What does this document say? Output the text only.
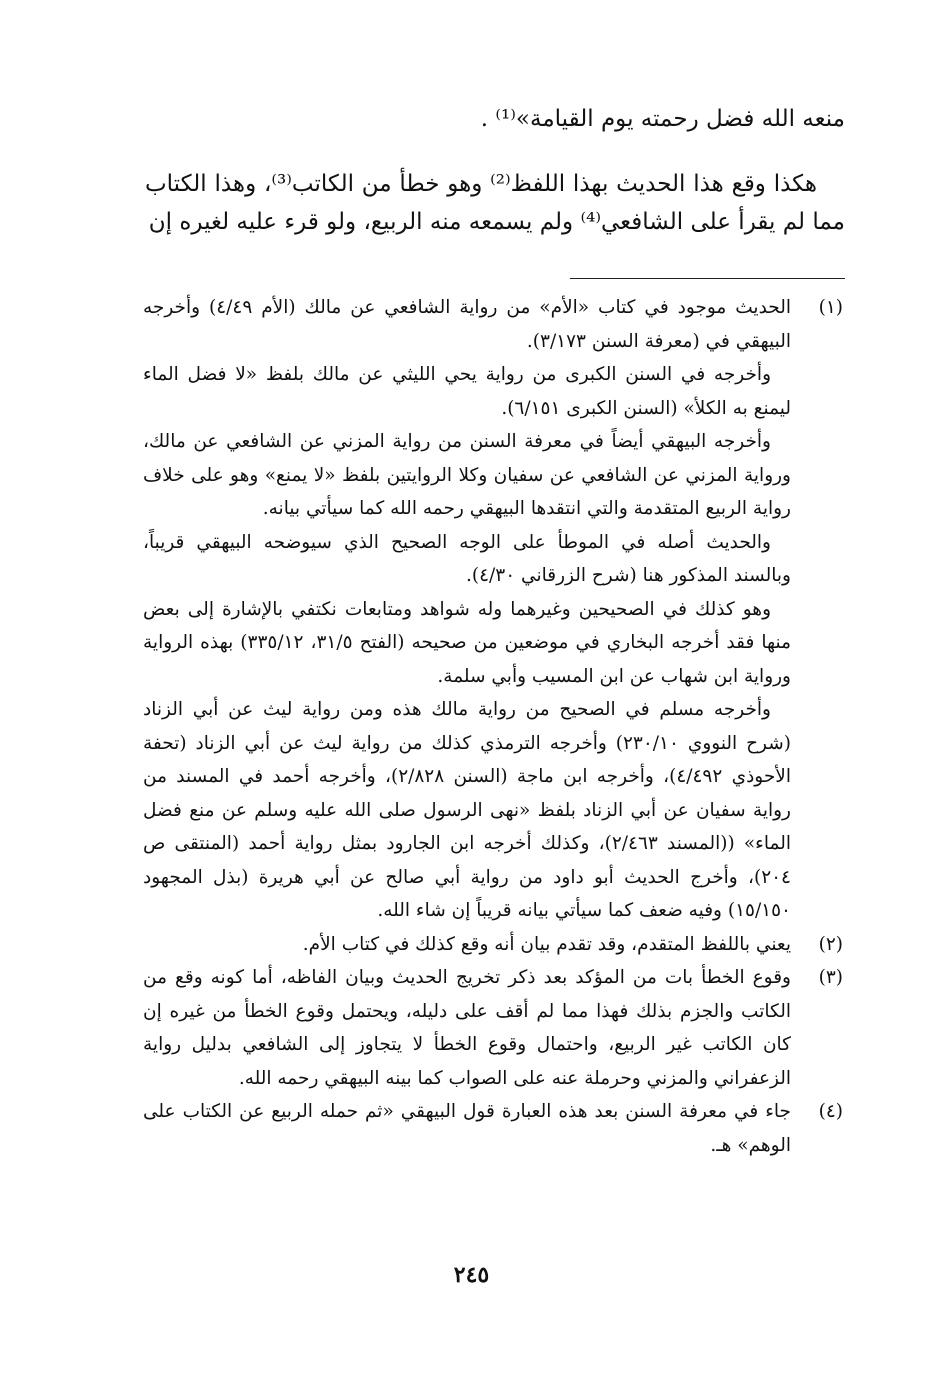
منعه الله فضل رحمته يوم القيامة»⁽¹⁾ .

هكذا وقع هذا الحديث بهذا اللفظ⁽²⁾ وهو خطأ من الكاتب⁽³⁾، وهذا الكتاب مما لم يقرأ على الشافعي⁽⁴⁾ ولم يسمعه منه الربيع، ولو قرء عليه لغيره إن

(١)

الحديث موجود في كتاب «الأم» من رواية الشافعي عن مالك (الأم ٤/٤٩) وأخرجه البيهقي في (معرفة السنن ٣/١٧٣).

وأخرجه في السنن الكبرى من رواية يحي الليثي عن مالك بلفظ «لا فضل الماء ليمنع به الكلأ» (السنن الكبرى ٦/١٥١).

وأخرجه البيهقي أيضاً في معرفة السنن من رواية المزني عن الشافعي عن مالك، ورواية المزني عن الشافعي عن سفيان وكلا الروايتين بلفظ «لا يمنع» وهو على خلاف رواية الربيع المتقدمة والتي انتقدها البيهقي رحمه الله كما سيأتي بيانه.

والحديث أصله في الموطأ على الوجه الصحيح الذي سيوضحه البيهقي قريباً، وبالسند المذكور هنا (شرح الزرقاني ٤/٣٠).

وهو كذلك في الصحيحين وغيرهما وله شواهد ومتابعات نكتفي بالإشارة إلى بعض منها فقد أخرجه البخاري في موضعين من صحيحه (الفتح ٣١/٥، ٣٣٥/١٢) بهذه الرواية ورواية ابن شهاب عن ابن المسيب وأبي سلمة.

وأخرجه مسلم في الصحيح من رواية مالك هذه ومن رواية ليث عن أبي الزناد (شرح النووي ٢٣٠/١٠) وأخرجه الترمذي كذلك من رواية ليث عن أبي الزناد (تحفة الأحوذي ٤/٤٩٢)، وأخرجه ابن ماجة (السنن ٢/٨٢٨)، وأخرجه أحمد في المسند من رواية سفيان عن أبي الزناد بلفظ «نهى الرسول صلى الله عليه وسلم عن منع فضل الماء» ((المسند ٢/٤٦٣)، وكذلك أخرجه ابن الجارود بمثل رواية أحمد (المنتقى ص ٢٠٤)، وأخرج الحديث أبو داود من رواية أبي صالح عن أبي هريرة (بذل المجهود ١٥/١٥٠) وفيه ضعف كما سيأتي بيانه قريباً إن شاء الله.

(٢)

يعني باللفظ المتقدم، وقد تقدم بيان أنه وقع كذلك في كتاب الأم.

(٣)

وقوع الخطأ بات من المؤكد بعد ذكر تخريج الحديث وبيان الفاظه، أما كونه وقع من الكاتب والجزم بذلك فهذا مما لم أقف على دليله، ويحتمل وقوع الخطأ من غيره إن كان الكاتب غير الربيع، واحتمال وقوع الخطأ لا يتجاوز إلى الشافعي بدليل رواية الزعفراني والمزني وحرملة عنه على الصواب كما بينه البيهقي رحمه الله.

(٤)

جاء في معرفة السنن بعد هذه العبارة قول البيهقي «ثم حمله الربيع عن الكتاب على الوهم» هـ.

٢٤٥
